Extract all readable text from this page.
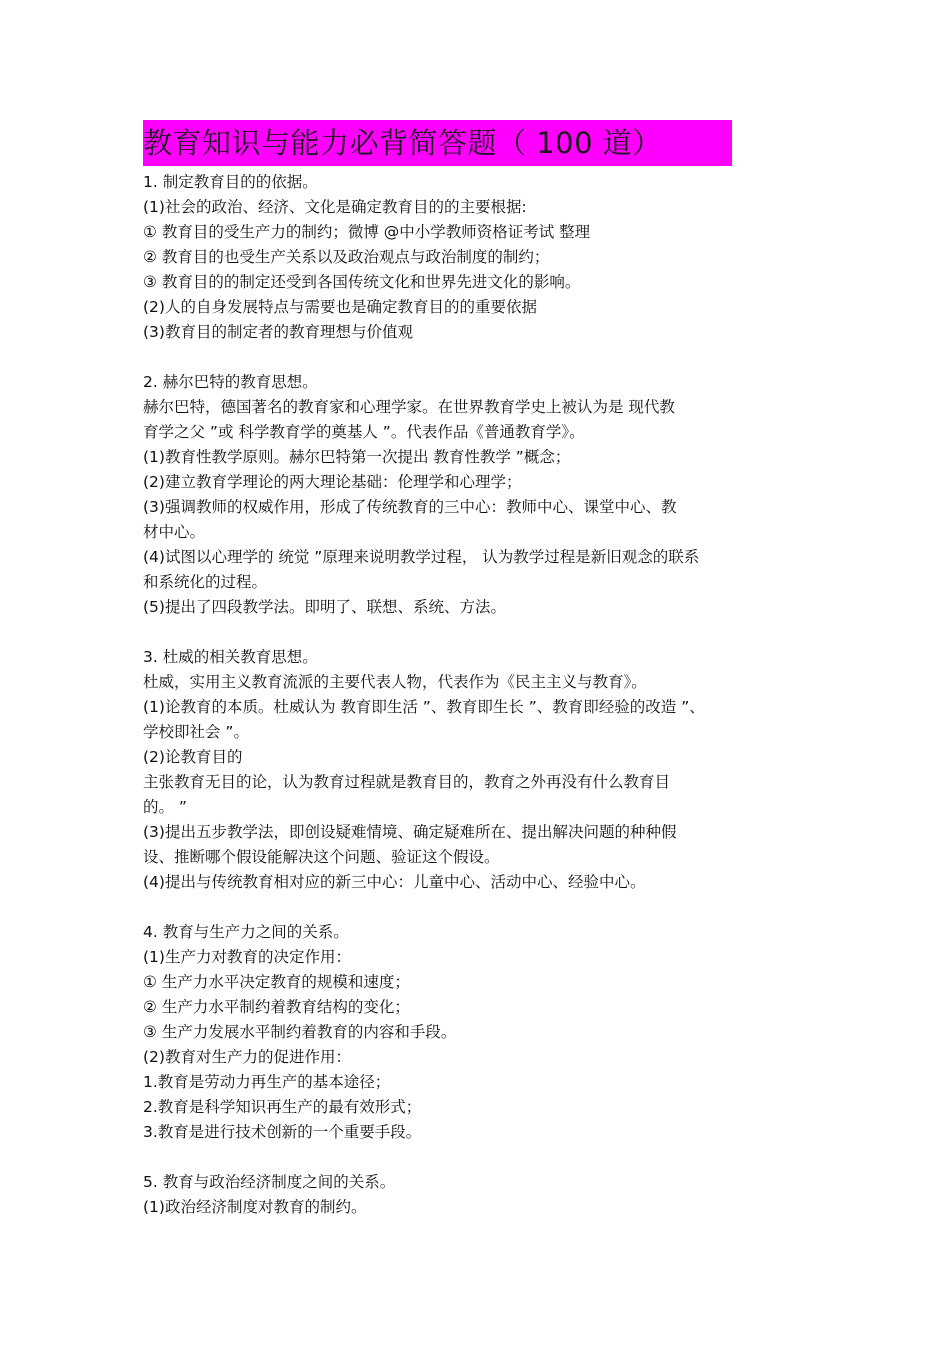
教育知识与能力必背简答题（ 100 道）
1. 制定教育目的的依据。
(1)社会的政治、经济、文化是确定教育目的的主要根据:
① 教育目的受生产力的制约；微博 @中小学教师资格证考试 整理
② 教育目的也受生产关系以及政治观点与政治制度的制约；
③ 教育目的的制定还受到各国传统文化和世界先进文化的影响。
(2)人的自身发展特点与需要也是确定教育目的的重要依据
(3)教育目的制定者的教育理想与价值观
2. 赫尔巴特的教育思想。
赫尔巴特，德国著名的教育家和心理学家。在世界教育学史上被认为是 现代教
育学之父 ”或 科学教育学的奠基人 ”。代表作品《普通教育学》。
(1)教育性教学原则。赫尔巴特第一次提出 教育性教学 ”概念；
(2)建立教育学理论的两大理论基础：伦理学和心理学；
(3)强调教师的权威作用，形成了传统教育的三中心：教师中心、课堂中心、教
材中心。
(4)试图以心理学的 统觉 ”原理来说明教学过程， 认为教学过程是新旧观念的联系
和系统化的过程。
(5)提出了四段教学法。即明了、联想、系统、方法。
3. 杜威的相关教育思想。
杜威，实用主义教育流派的主要代表人物，代表作为《民主主义与教育》。
(1)论教育的本质。杜威认为 教育即生活 ”、教育即生长 ”、教育即经验的改造 ”、
学校即社会 ”。
(2)论教育目的
主张教育无目的论，认为教育过程就是教育目的，教育之外再没有什么教育目
的。 ”
(3)提出五步教学法，即创设疑难情境、确定疑难所在、提出解决问题的种种假
设、推断哪个假设能解决这个问题、验证这个假设。
(4)提出与传统教育相对应的新三中心：儿童中心、活动中心、经验中心。
4. 教育与生产力之间的关系。
(1)生产力对教育的决定作用：
① 生产力水平决定教育的规模和速度；
② 生产力水平制约着教育结构的变化；
③ 生产力发展水平制约着教育的内容和手段。
(2)教育对生产力的促进作用：
1.教育是劳动力再生产的基本途径；
2.教育是科学知识再生产的最有效形式；
3.教育是进行技术创新的一个重要手段。
5. 教育与政治经济制度之间的关系。
(1)政治经济制度对教育的制约。
